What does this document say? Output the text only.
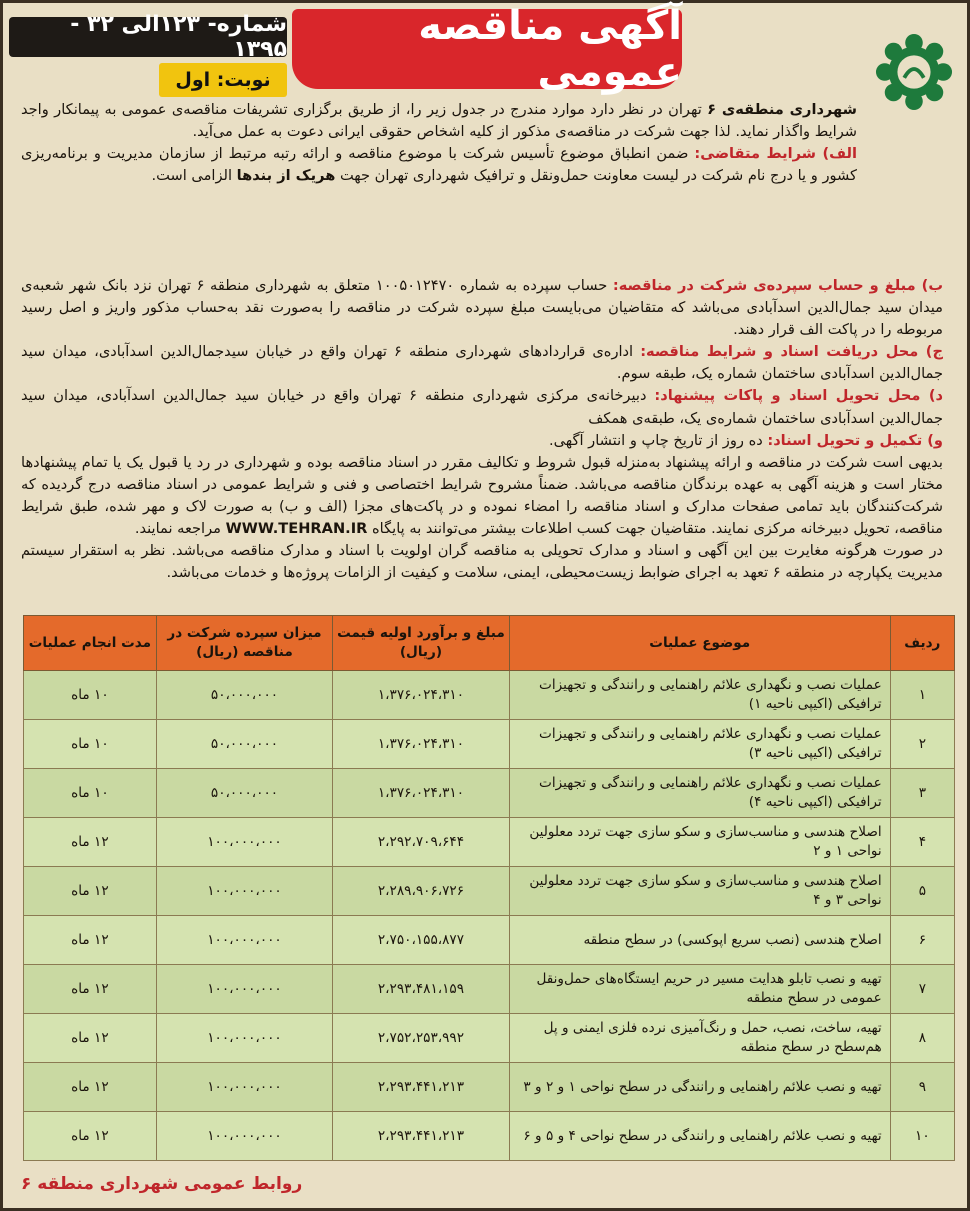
آگهی مناقصه عمومی
شماره- ۱۲۳الی ۳۲ - ۱۳۹۵
نوبت: اول

شهرداری منطقه‌ی ۶ تهران در نظر دارد موارد مندرج در جدول زیر را، از طریق برگزاری تشریفات مناقصه‌ی عمومی به پیمانکار واجد شرایط واگذار نماید. لذا جهت شرکت در مناقصه‌ی مذکور از کلیه اشخاص حقوقی ایرانی دعوت به عمل می‌آید.

الف) شرایط متقاضی: ضمن انطباق موضوع تأسیس شرکت با موضوع مناقصه و ارائه رتبه مرتبط از سازمان مدیریت و برنامه‌ریزی کشور و یا درج نام شرکت در لیست معاونت حمل‌ونقل و ترافیک شهرداری تهران جهت هریک از بندها الزامی است.

ب) مبلغ و حساب سپرده‌ی شرکت در مناقصه: حساب سپرده به شماره ۱۰۰۵۰۱۲۴۷۰ متعلق به شهرداری منطقه ۶ تهران نزد بانک شهر شعبه‌ی میدان سید جمال‌الدین اسدآبادی می‌باشد که متقاضیان می‌بایست مبلغ سپرده شرکت در مناقصه را به‌صورت نقد به‌حساب مذکور واریز و اصل رسید مربوطه را در پاکت الف قرار دهند.

ج) محل دریافت اسناد و شرایط مناقصه: اداره‌ی قراردادهای شهرداری منطقه ۶ تهران واقع در خیابان سیدجمال‌الدین اسدآبادی، میدان سید جمال‌الدین اسدآبادی ساختمان شماره یک، طبقه سوم.

د) محل تحویل اسناد و پاکات پیشنهاد: دبیرخانه‌ی مرکزی شهرداری منطقه ۶ تهران واقع در خیابان سید جمال‌الدین اسدآبادی، میدان سید جمال‌الدین اسدآبادی ساختمان شماره‌ی یک، طبقه‌ی همکف

و) تکمیل و تحویل اسناد: ده روز از تاریخ چاپ و انتشار آگهی.

بدیهی است شرکت در مناقصه و ارائه پیشنهاد به‌منزله قبول شروط و تکالیف مقرر در اسناد مناقصه بوده و شهرداری در رد یا قبول یک یا تمام پیشنهادها مختار است و هزینه آگهی به عهده برندگان مناقصه می‌باشد. ضمناً مشروح شرایط اختصاصی و فنی و شرایط عمومی در اسناد مناقصه درج گردیده که شرکت‌کنندگان باید تمامی صفحات مدارک و اسناد مناقصه را امضاء نموده و در پاکت‌های مجزا (الف و ب) به صورت لاک و مهر شده، طبق شرایط مناقصه، تحویل دبیرخانه مرکزی نمایند. متقاضیان جهت کسب اطلاعات بیشتر می‌توانند به پایگاه WWW.TEHRAN.IR مراجعه نمایند.

در صورت هرگونه مغایرت بین این آگهی و اسناد و مدارک تحویلی به مناقصه گران اولویت با اسناد و مدارک مناقصه می‌باشد. نظر به استقرار سیستم مدیریت یکپارچه در منطقه ۶ تعهد به اجرای ضوابط زیست‌محیطی، ایمنی، سلامت و کیفیت از الزامات پروژه‌ها و خدمات می‌باشد.

ردیف	موضوع عملیات	مبلغ و برآورد اولیه قیمت (ریال)	میزان سپرده شرکت در مناقصه (ریال)	مدت انجام عملیات
۱	عملیات نصب و نگهداری علائم راهنمایی و رانندگی و تجهیزات ترافیکی (اکیپی ناحیه ۱)	۱،۳۷۶،۰۲۴،۳۱۰	۵۰،۰۰۰،۰۰۰	۱۰ ماه
۲	عملیات نصب و نگهداری علائم راهنمایی و رانندگی و تجهیزات ترافیکی (اکیپی ناحیه ۳)	۱،۳۷۶،۰۲۴،۳۱۰	۵۰،۰۰۰،۰۰۰	۱۰ ماه
۳	عملیات نصب و نگهداری علائم راهنمایی و رانندگی و تجهیزات ترافیکی (اکیپی ناحیه ۴)	۱،۳۷۶،۰۲۴،۳۱۰	۵۰،۰۰۰،۰۰۰	۱۰ ماه
۴	اصلاح هندسی و مناسب‌سازی و سکو سازی جهت تردد معلولین نواحی ۱ و ۲	۲،۲۹۲،۷۰۹،۶۴۴	۱۰۰،۰۰۰،۰۰۰	۱۲ ماه
۵	اصلاح هندسی و مناسب‌سازی و سکو سازی جهت تردد معلولین نواحی ۳ و ۴	۲،۲۸۹،۹۰۶،۷۲۶	۱۰۰،۰۰۰،۰۰۰	۱۲ ماه
۶	اصلاح هندسی (نصب سریع اپوکسی) در سطح منطقه	۲،۷۵۰،۱۵۵،۸۷۷	۱۰۰،۰۰۰،۰۰۰	۱۲ ماه
۷	تهیه و نصب تابلو هدایت مسیر در حریم ایستگاه‌های حمل‌ونقل عمومی در سطح منطقه	۲،۲۹۳،۴۸۱،۱۵۹	۱۰۰،۰۰۰،۰۰۰	۱۲ ماه
۸	تهیه، ساخت، نصب، حمل و رنگ‌آمیزی نرده فلزی ایمنی و پل هم‌سطح در سطح منطقه	۲،۷۵۲،۲۵۳،۹۹۲	۱۰۰،۰۰۰،۰۰۰	۱۲ ماه
۹	تهیه و نصب علائم راهنمایی و رانندگی در سطح نواحی ۱ و ۲ و ۳	۲،۲۹۳،۴۴۱،۲۱۳	۱۰۰،۰۰۰،۰۰۰	۱۲ ماه
۱۰	تهیه و نصب علائم راهنمایی و رانندگی در سطح نواحی ۴ و ۵ و ۶	۲،۲۹۳،۴۴۱،۲۱۳	۱۰۰،۰۰۰،۰۰۰	۱۲ ماه
روابط عمومی شهرداری منطقه ۶
